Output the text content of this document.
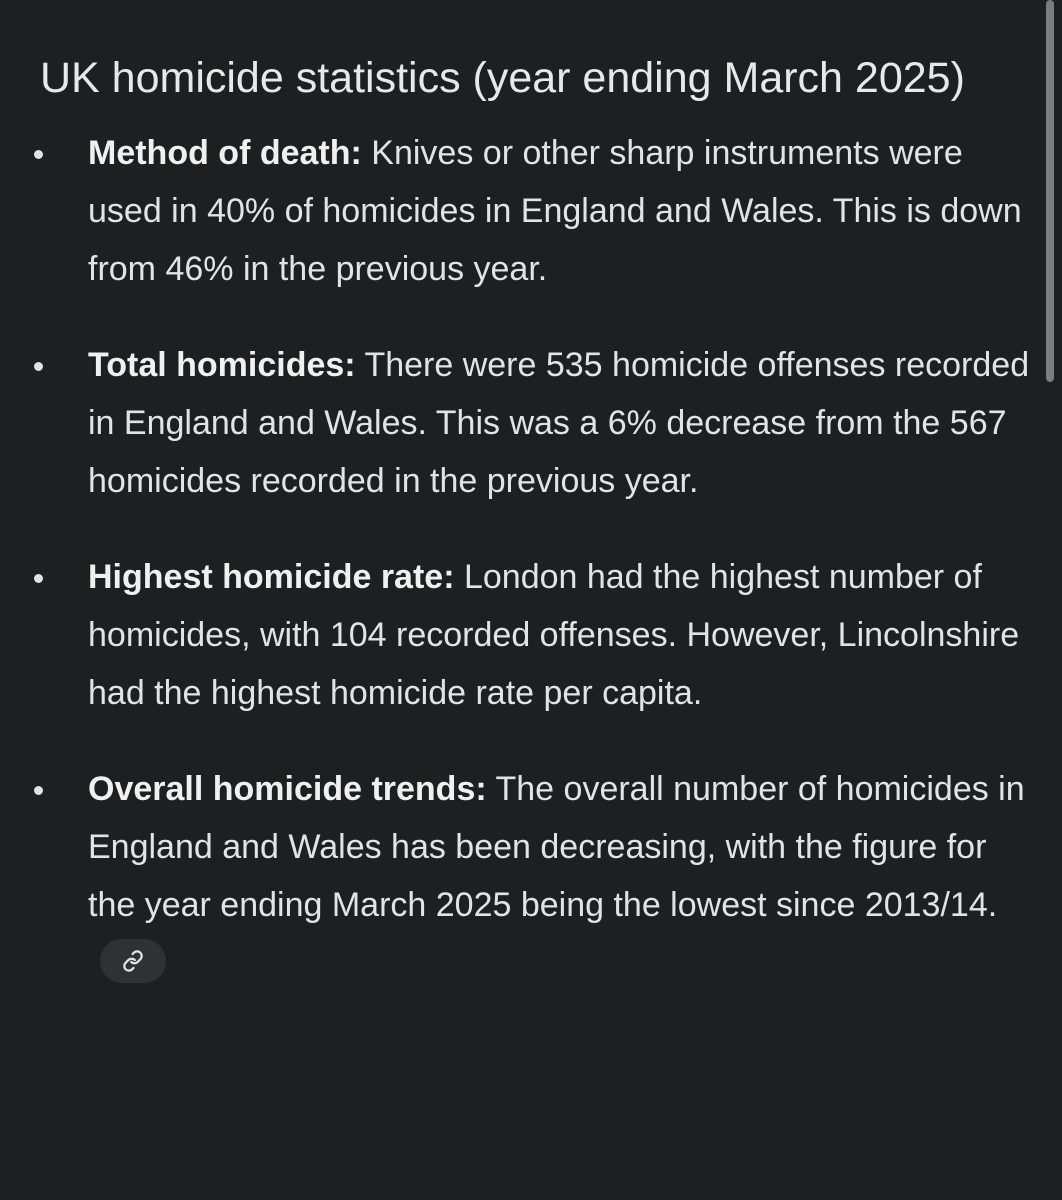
UK homicide statistics (year ending March 2025)
Method of death: Knives or other sharp instruments were used in 40% of homicides in England and Wales. This is down from 46% in the previous year.
Total homicides: There were 535 homicide offenses recorded in England and Wales. This was a 6% decrease from the 567 homicides recorded in the previous year.
Highest homicide rate: London had the highest number of homicides, with 104 recorded offenses. However, Lincolnshire had the highest homicide rate per capita.
Overall homicide trends: The overall number of homicides in England and Wales has been decreasing, with the figure for the year ending March 2025 being the lowest since 2013/14.
